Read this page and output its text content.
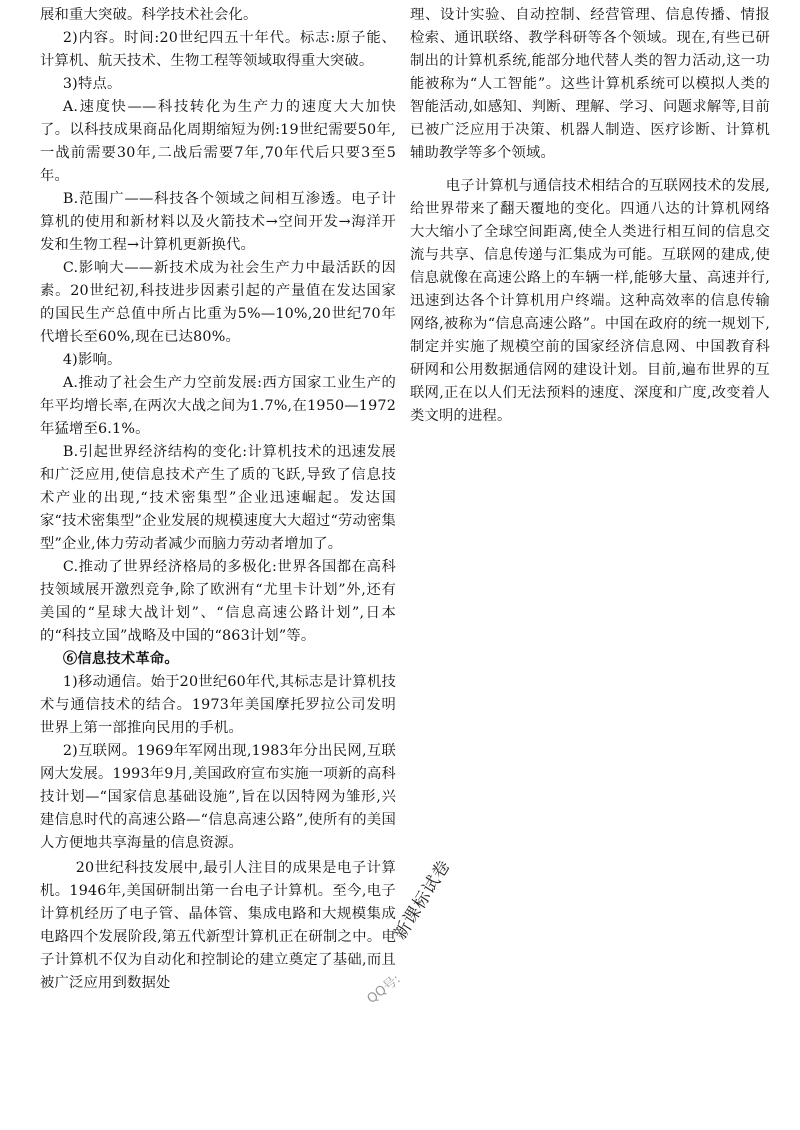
展和重大突破。科学技术社会化。

2)内容。时间:20世纪四五十年代。标志:原子能、计算机、航天技术、生物工程等领域取得重大突破。

3)特点。

A.速度快——科技转化为生产力的速度大大加快了。以科技成果商品化周期缩短为例:19世纪需要50年,一战前需要30年,二战后需要7年,70年代后只要3至5年。

B.范围广——科技各个领域之间相互渗透。电子计算机的使用和新材料以及火箭技术→空间开发→海洋开发和生物工程→计算机更新换代。

C.影响大——新技术成为社会生产力中最活跃的因素。20世纪初,科技进步因素引起的产量值在发达国家的国民生产总值中所占比重为5%—10%,20世纪70年代增长至60%,现在已达80%。

4)影响。

A.推动了社会生产力空前发展:西方国家工业生产的年平均增长率,在两次大战之间为1.7%,在1950—1972年猛增至6.1%。

B.引起世界经济结构的变化:计算机技术的迅速发展和广泛应用,使信息技术产生了质的飞跃,导致了信息技术产业的出现,“技术密集型”企业迅速崛起。发达国家“技术密集型”企业发展的规模速度大大超过“劳动密集型”企业,体力劳动者减少而脑力劳动者增加了。

C.推动了世界经济格局的多极化:世界各国都在高科技领域展开激烈竞争,除了欧洲有“尤里卡计划”外,还有美国的“星球大战计划”、“信息高速公路计划”,日本的“科技立国”战略及中国的“863计划”等。

⑥信息技术革命。

1)移动通信。始于20世纪60年代,其标志是计算机技术与通信技术的结合。1973年美国摩托罗拉公司发明世界上第一部推向民用的手机。

2)互联网。1969年军网出现,1983年分出民网,互联网大发展。1993年9月,美国政府宣布实施一项新的高科技计划—“国家信息基础设施”,旨在以因特网为雏形,兴建信息时代的高速公路—“信息高速公路”,使所有的美国人方便地共享海量的信息资源。

20世纪科技发展中,最引人注目的成果是电子计算机。1946年,美国研制出第一台电子计算机。至今,电子计算机经历了电子管、晶体管、集成电路和大规模集成电路四个发展阶段,第五代新型计算机正在研制之中。电子计算机不仅为自动化和控制论的建立奠定了基础,而且被广泛应用到数据处

理、设计实验、自动控制、经营管理、信息传播、情报检索、通讯联络、教学科研等各个领域。现在,有些已研制出的计算机系统,能部分地代替人类的智力活动,这一功能被称为“人工智能”。这些计算机系统可以模拟人类的智能活动,如感知、判断、理解、学习、问题求解等,目前已被广泛应用于决策、机器人制造、医疗诊断、计算机辅助教学等多个领域。

电子计算机与通信技术相结合的互联网技术的发展,给世界带来了翻天覆地的变化。四通八达的计算机网络大大缩小了全球空间距离,使全人类进行相互间的信息交流与共享、信息传递与汇集成为可能。互联网的建成,使信息就像在高速公路上的车辆一样,能够大量、高速并行,迅速到达各个计算机用户终端。这种高效率的信息传输网络,被称为“信息高速公路”。中国在政府的统一规划下,制定并实施了规模空前的国家经济信息网、中国教育科研网和公用数据通信网的建设计划。目前,遍布世界的互联网,正在以人们无法预料的速度、深度和广度,改变着人类文明的进程。

新课标试卷
QQ号:
